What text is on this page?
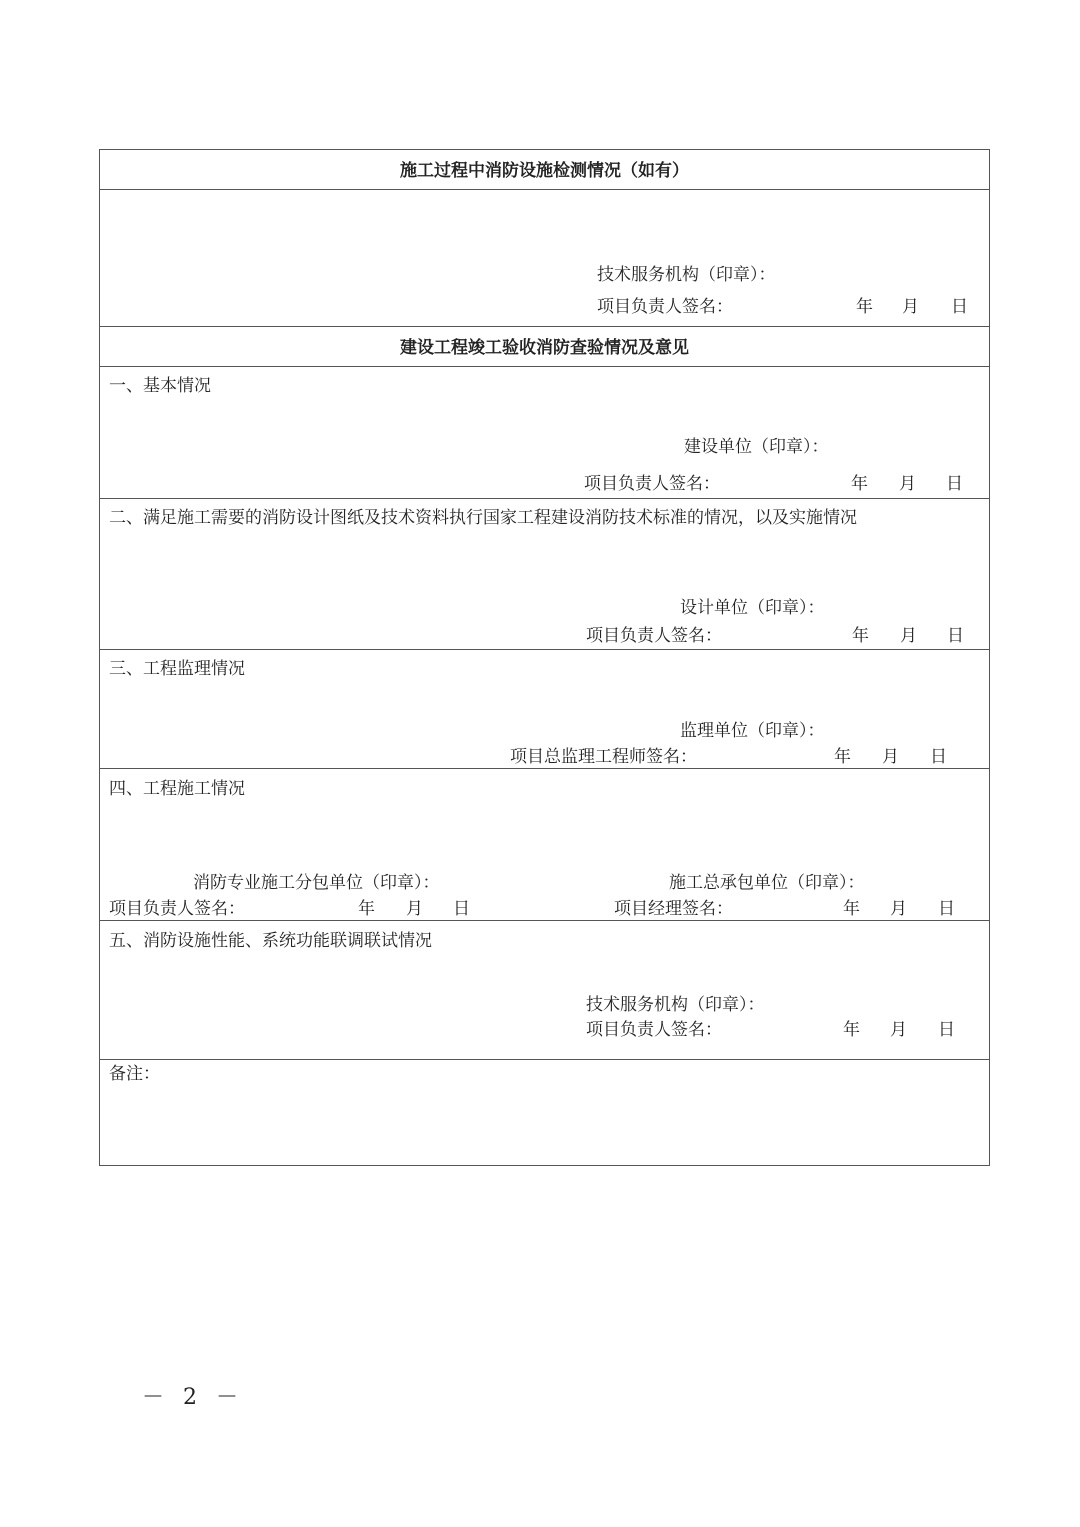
施工过程中消防设施检测情况（如有）
技术服务机构（印章）：
项目负责人签名：	年 月 日
建设工程竣工验收消防查验情况及意见
一、基本情况
建设单位（印章）：
项目负责人签名：	年 月 日
二、满足施工需要的消防设计图纸及技术资料执行国家工程建设消防技术标准的情况，以及实施情况
设计单位（印章）：
项目负责人签名：	年 月 日
三、工程监理情况
监理单位（印章）：
项目总监理工程师签名：	年 月 日
四、工程施工情况
消防专业施工分包单位（印章）：
项目负责人签名：	年 月 日
施工总承包单位（印章）：
项目经理签名：	年 月 日
五、消防设施性能、系统功能联调联试情况
技术服务机构（印章）：
项目负责人签名：	年 月 日
备注：
－ 2 －
